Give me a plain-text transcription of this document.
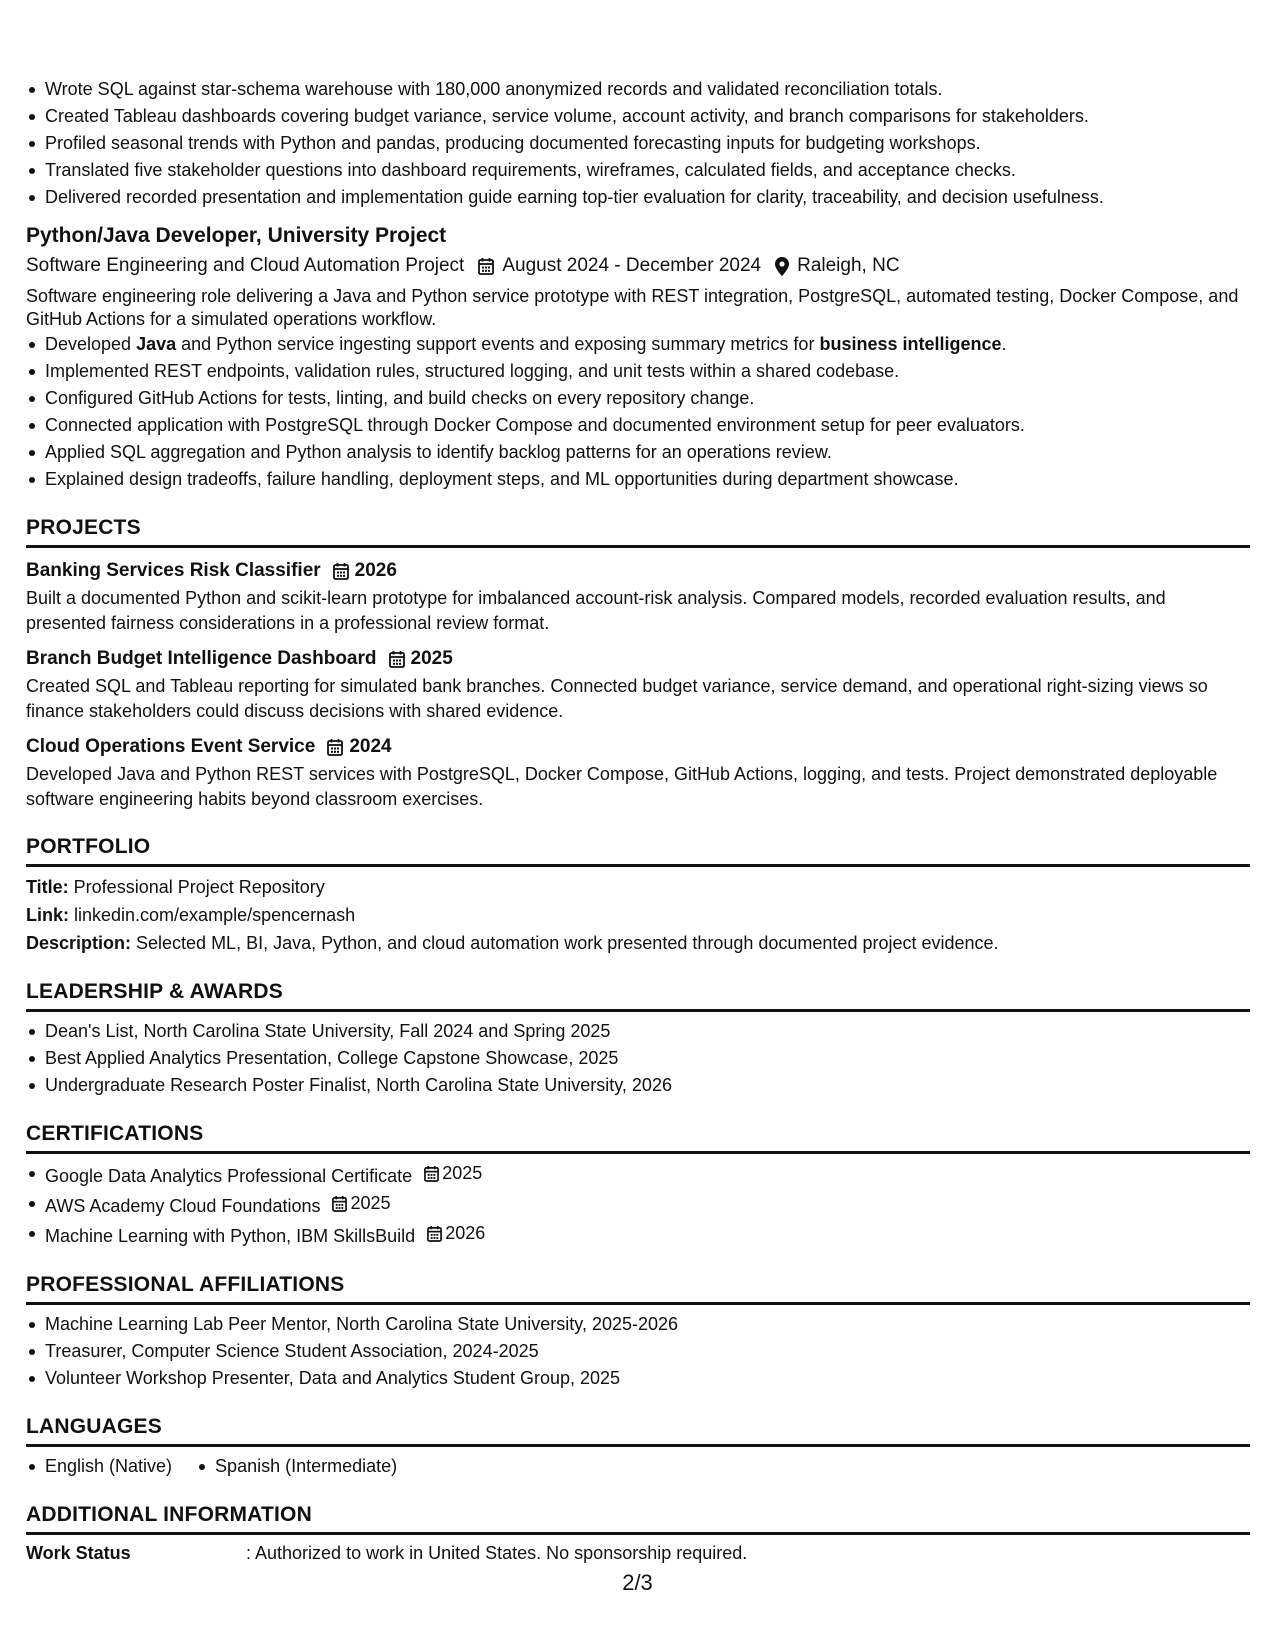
Wrote SQL against star-schema warehouse with 180,000 anonymized records and validated reconciliation totals.
Created Tableau dashboards covering budget variance, service volume, account activity, and branch comparisons for stakeholders.
Profiled seasonal trends with Python and pandas, producing documented forecasting inputs for budgeting workshops.
Translated five stakeholder questions into dashboard requirements, wireframes, calculated fields, and acceptance checks.
Delivered recorded presentation and implementation guide earning top-tier evaluation for clarity, traceability, and decision usefulness.
Python/Java Developer, University Project
Software Engineering and Cloud Automation Project August 2024 - December 2024 Raleigh, NC
Software engineering role delivering a Java and Python service prototype with REST integration, PostgreSQL, automated testing, Docker Compose, and GitHub Actions for a simulated operations workflow.
Developed Java and Python service ingesting support events and exposing summary metrics for business intelligence.
Implemented REST endpoints, validation rules, structured logging, and unit tests within a shared codebase.
Configured GitHub Actions for tests, linting, and build checks on every repository change.
Connected application with PostgreSQL through Docker Compose and documented environment setup for peer evaluators.
Applied SQL aggregation and Python analysis to identify backlog patterns for an operations review.
Explained design tradeoffs, failure handling, deployment steps, and ML opportunities during department showcase.
PROJECTS
Banking Services Risk Classifier 2026
Built a documented Python and scikit-learn prototype for imbalanced account-risk analysis. Compared models, recorded evaluation results, and presented fairness considerations in a professional review format.
Branch Budget Intelligence Dashboard 2025
Created SQL and Tableau reporting for simulated bank branches. Connected budget variance, service demand, and operational right-sizing views so finance stakeholders could discuss decisions with shared evidence.
Cloud Operations Event Service 2024
Developed Java and Python REST services with PostgreSQL, Docker Compose, GitHub Actions, logging, and tests. Project demonstrated deployable software engineering habits beyond classroom exercises.
PORTFOLIO
Title: Professional Project Repository
Link: linkedin.com/example/spencernash
Description: Selected ML, BI, Java, Python, and cloud automation work presented through documented project evidence.
LEADERSHIP & AWARDS
Dean's List, North Carolina State University, Fall 2024 and Spring 2025
Best Applied Analytics Presentation, College Capstone Showcase, 2025
Undergraduate Research Poster Finalist, North Carolina State University, 2026
CERTIFICATIONS
Google Data Analytics Professional Certificate 2025
AWS Academy Cloud Foundations 2025
Machine Learning with Python, IBM SkillsBuild 2026
PROFESSIONAL AFFILIATIONS
Machine Learning Lab Peer Mentor, North Carolina State University, 2025-2026
Treasurer, Computer Science Student Association, 2024-2025
Volunteer Workshop Presenter, Data and Analytics Student Group, 2025
LANGUAGES
English (Native)	Spanish (Intermediate)
ADDITIONAL INFORMATION
Work Status	: Authorized to work in United States. No sponsorship required.
2/3
